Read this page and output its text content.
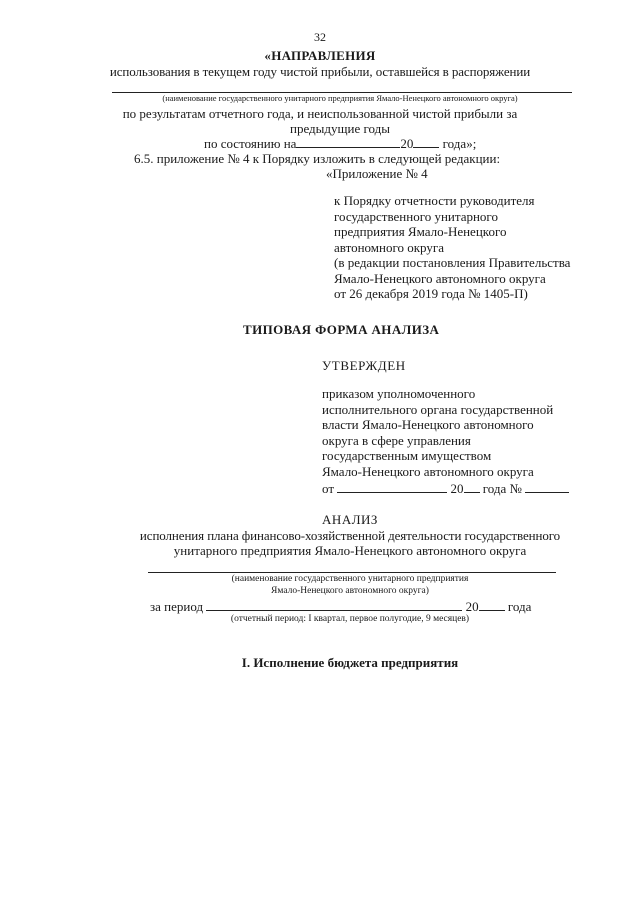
32
«НАПРАВЛЕНИЯ
использования в текущем году чистой прибыли, оставшейся в распоряжении
(наименование государственного унитарного предприятия Ямало-Ненецкого автономного округа)
по результатам отчетного года, и неиспользованной чистой прибыли за
предыдущие годы
по состоянию на	20 года»;
6.5. приложение № 4 к Порядку изложить в следующей редакции:
«Приложение № 4
к Порядку отчетности руководителя
государственного унитарного
предприятия Ямало-Ненецкого
автономного округа
(в редакции постановления Правительства
Ямало-Ненецкого автономного округа
от 26 декабря 2019 года № 1405-П)
ТИПОВАЯ ФОРМА АНАЛИЗА
УТВЕРЖДЕН
приказом уполномоченного
исполнительного органа государственной
власти Ямало-Ненецкого автономного
округа в сфере управления
государственным имуществом
Ямало-Ненецкого автономного округа
от	20 года №
АНАЛИЗ
исполнения плана финансово-хозяйственной деятельности государственного
унитарного предприятия Ямало-Ненецкого автономного округа
(наименование государственного унитарного предприятия
Ямало-Ненецкого автономного округа)
за период	20 года
(отчетный период: I квартал, первое полугодие, 9 месяцев)
I. Исполнение бюджета предприятия
